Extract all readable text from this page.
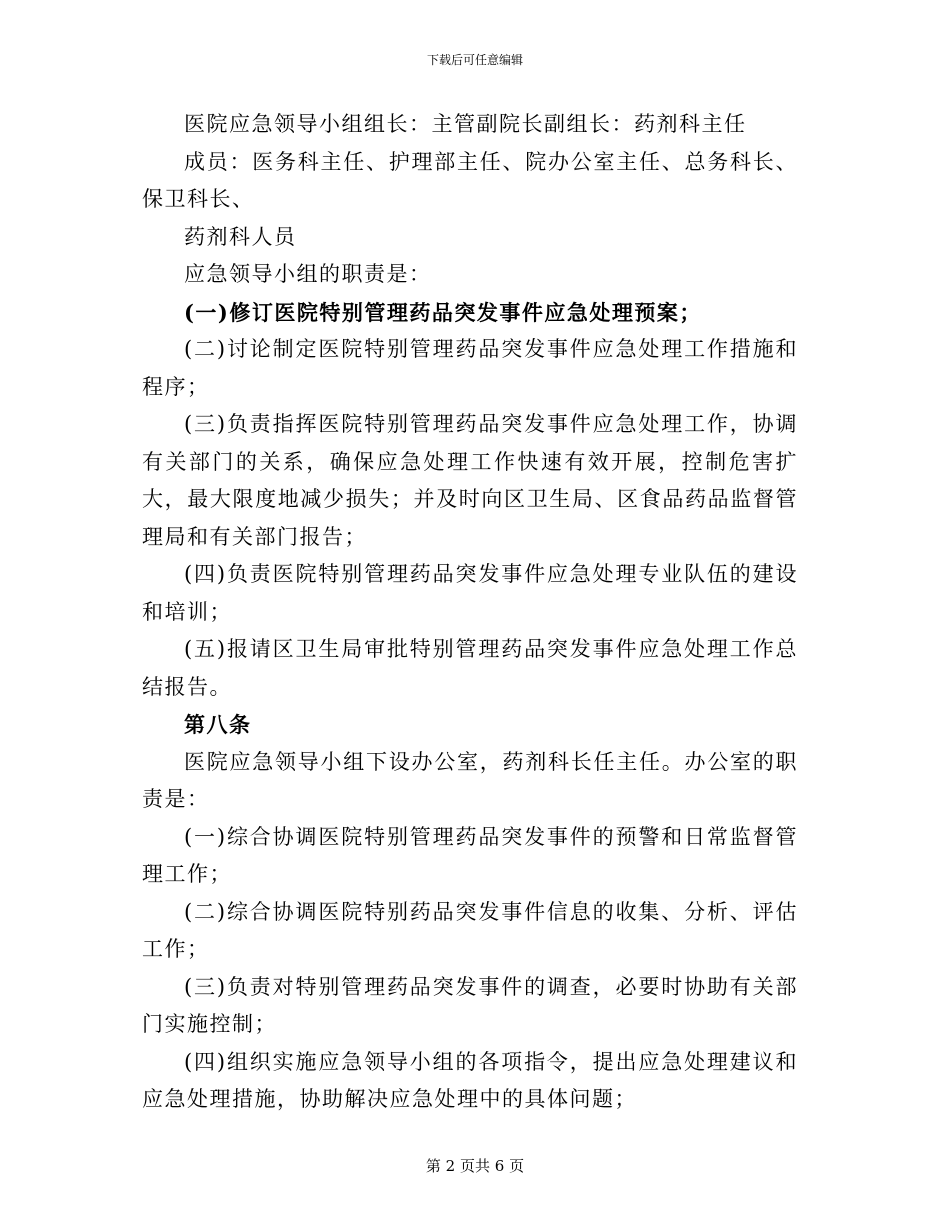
下载后可任意编辑

医院应急领导小组组长：主管副院长副组长：药剂科主任

成员：医务科主任、护理部主任、院办公室主任、总务科长、保卫科长、

药剂科人员

应急领导小组的职责是：

(一)修订医院特别管理药品突发事件应急处理预案；

(二)讨论制定医院特别管理药品突发事件应急处理工作措施和程序；

(三)负责指挥医院特别管理药品突发事件应急处理工作，协调有关部门的关系，确保应急处理工作快速有效开展，控制危害扩大，最大限度地减少损失；并及时向区卫生局、区食品药品监督管理局和有关部门报告；

(四)负责医院特别管理药品突发事件应急处理专业队伍的建设和培训；

(五)报请区卫生局审批特别管理药品突发事件应急处理工作总结报告。

第八条

医院应急领导小组下设办公室，药剂科长任主任。办公室的职责是：

(一)综合协调医院特别管理药品突发事件的预警和日常监督管理工作；

(二)综合协调医院特别药品突发事件信息的收集、分析、评估工作；

(三)负责对特别管理药品突发事件的调查，必要时协助有关部门实施控制；

(四)组织实施应急领导小组的各项指令，提出应急处理建议和应急处理措施，协助解决应急处理中的具体问题；

第 2 页共 6 页
